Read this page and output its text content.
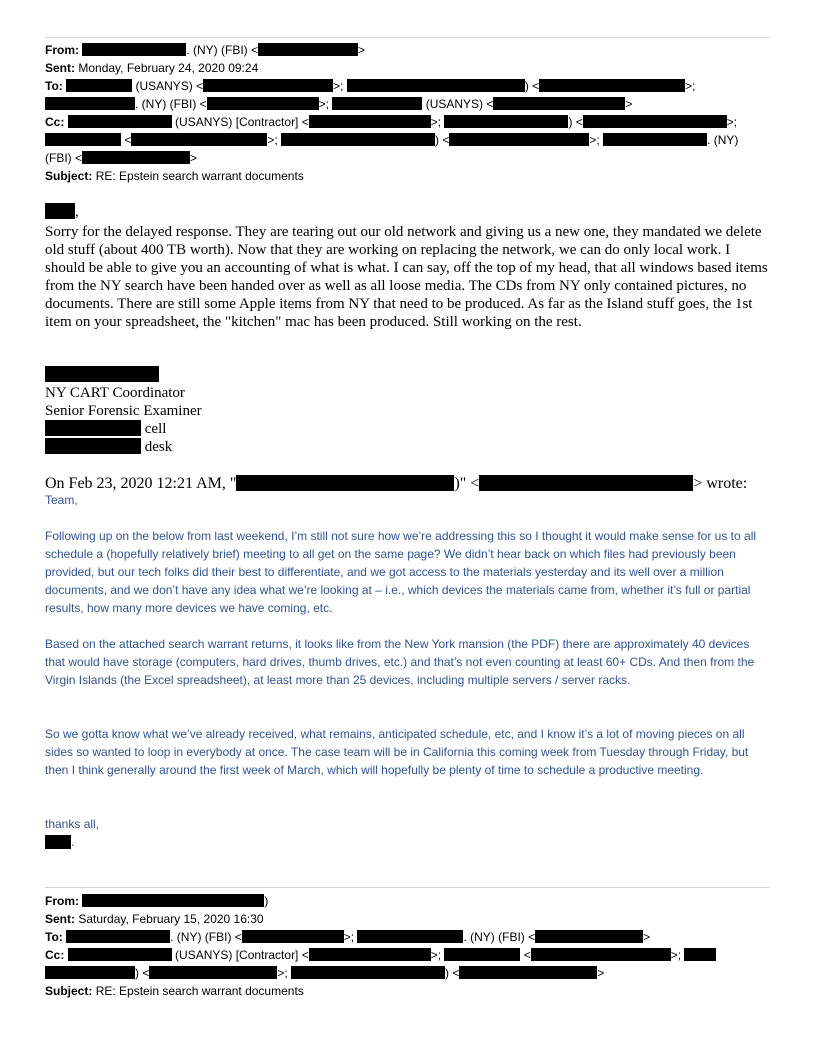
From:	. (NY) (FBI) <	>
Sent: Monday, February 24, 2020 09:24
To:	(USANYS) <	>;	) <	>;
. (NY) (FBI) <	>;	(USANYS) <	>
Cc:	(USANYS) [Contractor] <	>;	) <	>;
<	>;	) <	>;	. (NY)
(FBI) <	>
Subject: RE: Epstein search warrant documents
,
Sorry for the delayed response. They are tearing out our old network and giving us a new one, they mandated we delete old stuff (about 400 TB worth). Now that they are working on replacing the network, we can do only local work. I should be able to give you an accounting of what is what. I can say, off the top of my head, that all windows based items from the NY search have been handed over as well as all loose media. The CDs from NY only contained pictures, no documents. There are still some Apple items from NY that need to be produced. As far as the Island stuff goes, the 1st item on your spreadsheet, the "kitchen" mac has been produced. Still working on the rest.
NY CART Coordinator
Senior Forensic Examiner
cell
desk
On Feb 23, 2020 12:21 AM, "	)" <	> wrote:
Team,
Following up on the below from last weekend, I’m still not sure how we’re addressing this so I thought it would make sense for us to all schedule a (hopefully relatively brief) meeting to all get on the same page? We didn’t hear back on which files had previously been provided, but our tech folks did their best to differentiate, and we got access to the materials yesterday and its well over a million documents, and we don’t have any idea what we’re looking at – i.e., which devices the materials came from, whether it’s full or partial results, how many more devices we have coming, etc.
Based on the attached search warrant returns, it looks like from the New York mansion (the PDF) there are approximately 40 devices that would have storage (computers, hard drives, thumb drives, etc.) and that’s not even counting at least 60+ CDs. And then from the Virgin Islands (the Excel spreadsheet), at least more than 25 devices, including multiple servers / server racks.
So we gotta know what we’ve already received, what remains, anticipated schedule, etc, and I know it’s a lot of moving pieces on all sides so wanted to loop in everybody at once. The case team will be in California this coming week from Tuesday through Friday, but then I think generally around the first week of March, which will hopefully be plenty of time to schedule a productive meeting.
thanks all,
.
From:	)
Sent: Saturday, February 15, 2020 16:30
To:	. (NY) (FBI) <	>;	. (NY) (FBI) <	>
Cc:	(USANYS) [Contractor] <	>;	<	>;
) <	>;	) <	>
Subject: RE: Epstein search warrant documents
